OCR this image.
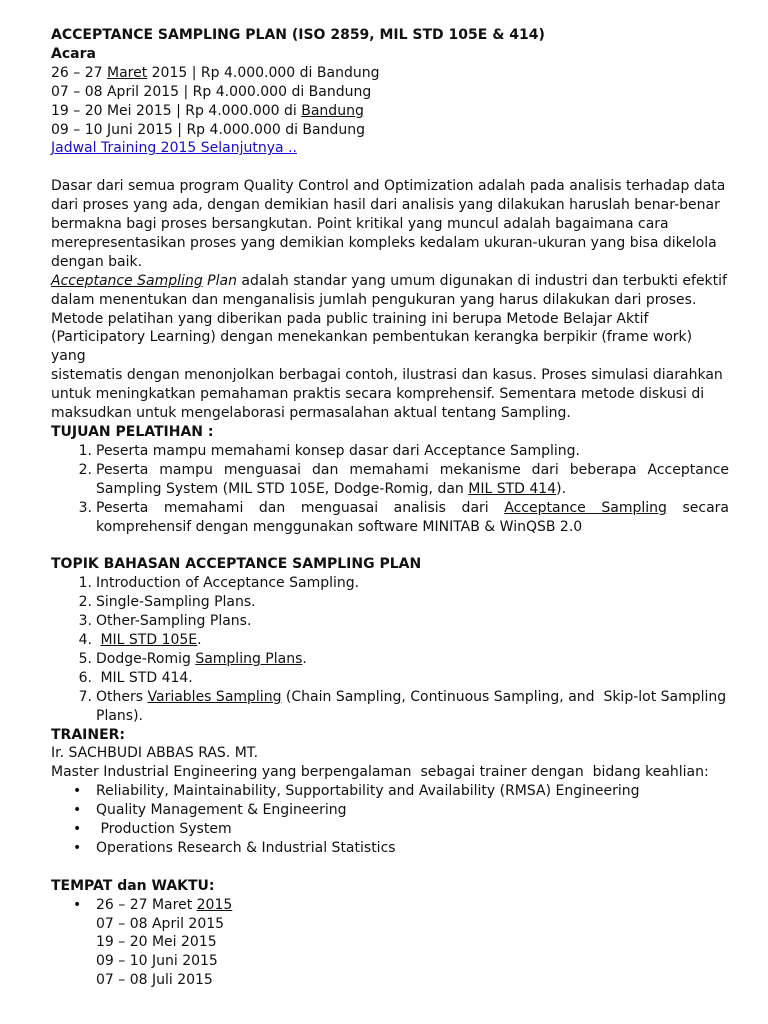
ACCEPTANCE SAMPLING PLAN (ISO 2859, MIL STD 105E & 414)
Acara
26 – 27 Maret 2015 | Rp 4.000.000 di Bandung
07 – 08 April 2015 | Rp 4.000.000 di Bandung
19 – 20 Mei 2015 | Rp 4.000.000 di Bandung
09 – 10 Juni 2015 | Rp 4.000.000 di Bandung
Jadwal Training 2015 Selanjutnya ..
Dasar dari semua program Quality Control and Optimization adalah pada analisis terhadap data
dari proses yang ada, dengan demikian hasil dari analisis yang dilakukan haruslah benar-benar
bermakna bagi proses bersangkutan. Point kritikal yang muncul adalah bagaimana cara
merepresentasikan proses yang demikian kompleks kedalam ukuran-ukuran yang bisa dikelola
dengan baik.
Acceptance Sampling Plan adalah standar yang umum digunakan di industri dan terbukti efektif
dalam menentukan dan menganalisis jumlah pengukuran yang harus dilakukan dari proses.
Metode pelatihan yang diberikan pada public training ini berupa Metode Belajar Aktif
(Participatory Learning) dengan menekankan pembentukan kerangka berpikir (frame work) yang
sistematis dengan menonjolkan berbagai contoh, ilustrasi dan kasus. Proses simulasi diarahkan
untuk meningkatkan pemahaman praktis secara komprehensif. Sementara metode diskusi di
maksudkan untuk mengelaborasi permasalahan aktual tentang Sampling.
TUJUAN PELATIHAN :
1. Peserta mampu memahami konsep dasar dari Acceptance Sampling.
2. Peserta mampu menguasai dan memahami mekanisme dari beberapa Acceptance
Sampling System (MIL STD 105E, Dodge-Romig, dan MIL STD 414).
3. Peserta memahami dan menguasai analisis dari Acceptance Sampling secara
komprehensif dengan menggunakan software MINITAB & WinQSB 2.0
TOPIK BAHASAN ACCEPTANCE SAMPLING PLAN
1. Introduction of Acceptance Sampling.
2. Single-Sampling Plans.
3. Other-Sampling Plans.
4. MIL STD 105E.
5. Dodge-Romig Sampling Plans.
6. MIL STD 414.
7. Others Variables Sampling (Chain Sampling, Continuous Sampling, and  Skip-lot Sampling
Plans).
TRAINER:
Ir. SACHBUDI ABBAS RAS. MT.
Master Industrial Engineering yang berpengalaman  sebagai trainer dengan  bidang keahlian:
• Reliability, Maintainability, Supportability and Availability (RMSA) Engineering
• Quality Management & Engineering
• Production System
• Operations Research & Industrial Statistics
TEMPAT dan WAKTU:
• 26 – 27 Maret 2015
07 – 08 April 2015
19 – 20 Mei 2015
09 – 10 Juni 2015
07 – 08 Juli 2015
